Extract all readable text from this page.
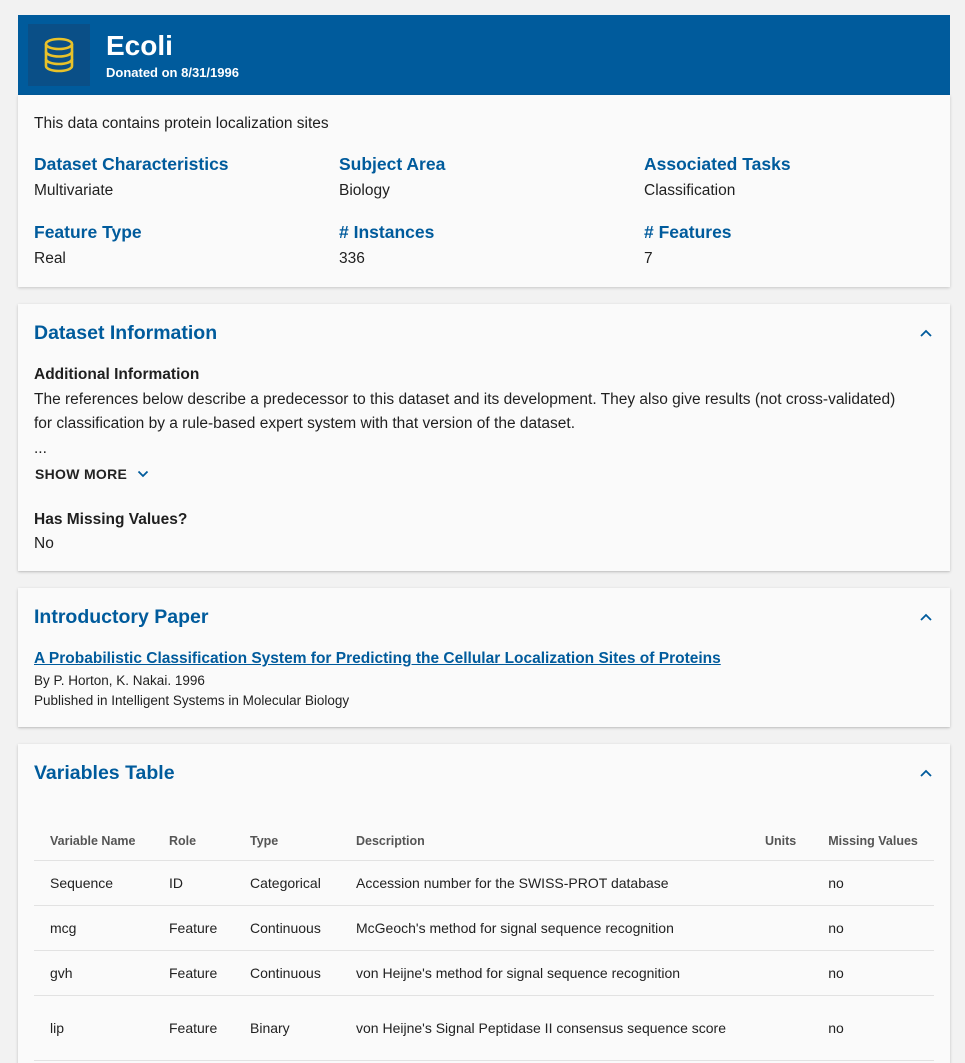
Ecoli
Donated on 8/31/1996
This data contains protein localization sites
Dataset Characteristics
Multivariate
Subject Area
Biology
Associated Tasks
Classification
Feature Type
Real
# Instances
336
# Features
7
Dataset Information
Additional Information
The references below describe a predecessor to this dataset and its development. They also give results (not cross-validated) for classification by a rule-based expert system with that version of the dataset.
...
SHOW MORE
Has Missing Values?
No
Introductory Paper
A Probabilistic Classification System for Predicting the Cellular Localization Sites of Proteins
By P. Horton, K. Nakai. 1996
Published in Intelligent Systems in Molecular Biology
Variables Table
Variable Name	Role	Type	Description	Units	Missing Values
Sequence	ID	Categorical	Accession number for the SWISS-PROT database		no
mcg	Feature	Continuous	McGeoch's method for signal sequence recognition		no
gvh	Feature	Continuous	von Heijne's method for signal sequence recognition		no
lip	Feature	Binary	von Heijne's Signal Peptidase II consensus sequence score		no
